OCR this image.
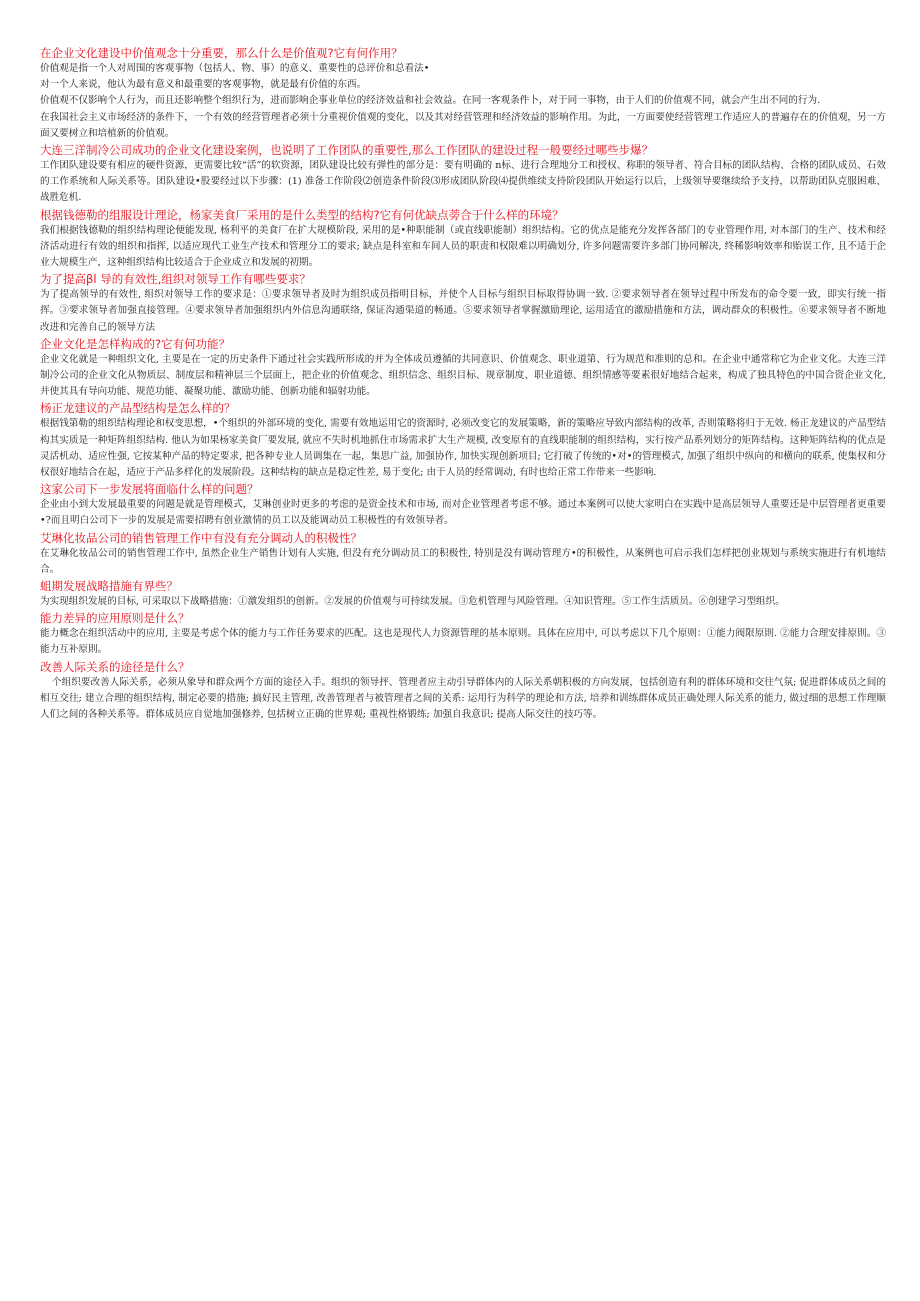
在企业文化建设中价值观念十分重要，那么什么是价值观?它有何作用？

价值观是指一个人对周围的客观事物（包括人、物、事）的意义、重要性的总评价和总看法•

对一个人来说，他认为最有意义和最重要的客观事物，就是最有价值的东西。

价值观不仅影响个人行为，而且还影响整个组织行为，进而影响企事业单位的经济效益和社会效益。在同一客观条件卜，对于同一事物，由于人们的价值观不同，就会产生出不同的行为.

在我国社会主义市场经济的条件下，一个有效的经营管理者必须十分重视价值观的变化，以及其对经营管理和经济效益的影响作用。为此，一方面要使经营管理工作适应人的普遍存在的价值观，另一方面又要树立和培植新的价值观。

大连三洋制冷公司成功的企业文化建设案例，也说明了工作团队的重要性,那么工作团队的建设过程一般要经过哪些步爆？

工作团队建设要有相应的硬件资源，更需要比较“活”的软资源，团队建设比较有弹性的部分是：要有明确的 n标、进行合理地分工和授权、称职的领导者、符合目标的团队结构、合格的团队成员、石效的工作系统和人际关系等。团队建设•股要经过以下步骤：(1) 准备工作阶段⑵创造条件阶段⑶形成团队阶段⑷提供维续支持阶段团队开始运行以后，上级领导要继续给予支持，以帮助团队克服困难、战胜危机.

根据钱德勒的组服设计理论，杨家美食厂采用的是什么类型的结构?它有何优缺点蒡合于什么样的环境？

我们根据钱德勒的组织结构理论便能发现, 杨利平的美食厂在扩大规模阶段, 采用的是•种职能制（或直线职能制）组织结构。它的优点是能充分发挥各部门的专业管理作用, 对本部门的生产、技术和经济活动进行有效的组织和指挥, 以适应现代工业生产技术和管理分工的要求; 缺点是科室和车间人员的职责和权限难以明确划分, 许多问题需要许多部门协同解决, 终稀影响效率和贻误工作, 且不适于企业大规模生产，这种组织结构比较适合于企业成立和发展的初期。

为了提高βl 导的有效性,组织对领导工作有哪些要求？

为了提高领导的有效性, 组织对领导工作的要求是：①要求领导者及时为组织成员指明目标，并使个人目标与组织目标取得协调一致. ②要求领导者在领导过程中所发布的命令要一致，即实行统一指挥。③要求领导者加强直接管理。④要求领导者加强组织内外信息沟通联络, 保证沟通渠道的畅通。⑤要求领导者掌握激励理论, 运用适宜的激励措施和方法，调动群众的积极性。⑥要求领导者不断地改进和完善自己的领导方法

企业文化是怎样构成的?它有何功能？

企业文化就是一种组织文化, 主要是在一定的历史条件下通过社会实践所形成的并为全体成员遵循的共同意识、价值观念、职业道第、行为规范和准则的总和。在企业中通常称它为企业文化。大连三洋制冷公司的企业文化从物质层、制度层和精神层三个层面上，把企业的价值观念、组织信念、组织目标、规章制度、职业道德、组织情感等要素很好地结合起来，构成了独具特色的中国合资企业文化, 并使其具有导向功能、规范功能、凝聚功能、激励功能、创新功能和辐射功能。

杨正龙建议的产品型结构是怎么样的？

根据钱第勒的组织结构理论和权变思想，•个组织的外部环境的变化, 需要有效地运用它的资源时, 必须改变它的发展策略，新的策略应导致内部结构的改革, 否则策略将归于无效. 杨正龙建议的产品型结构其实质是一种矩阵组织结构. 他认为如果杨家美食厂要发展, 就应不失时机地抓住市场需求扩大生产规模, 改变原有的直线职能制的组织结构，实行按产品系列划分的矩阵结构。这种矩阵结构的优点是灵活机动、适应性强, 它按某种产品的特定要求, 把各种专业人员调集在一起，集思广益, 加强协作, 加快实现创新项目; 它打破了传统的•对•的管理模式, 加强了组织中纵向的和横向的联系, 使集权和分权很好地结合在起，适应于产品多样化的发展阶段。这种结构的缺点是稳定性差, 易于变化; 由于人员的经常调动, 有时也给正常工作带来一些影响.

这家公司下一步发展将面临什么样的问题？

企业由小到大发展最重要的问题是就是管理模式，艾琳创业时更多的考虑的是资金技术和市场, 而对企业管理者考虑不够。通过本案例可以使大家明白在实践中是高层领导人重要还是中层管理者更重要•?而且明白公司下一步的发展是需要招聘有创业激情的员工以及能调动员工积极性的有效领导者。

艾琳化妆品公司的销售管理工作中有没有充分调动人的积极性？

在艾琳化妆品公司的销售管理工作中, 虽然企业生产销售计划有人实施, 但没有充分调动员工的积极性, 特别是没有调动管理方•的积极性，从案例也可启示我们怎样把创业规划与系统实施进行有机地结合。

蛆期发展战略措施有界些？

为实现组织发展的目标, 可采取以下战略措施：①激发组织的创新。②发展的价值观与可持续发展。③危机管理与风险管理。④知识管理。⑤工作生活质员。⑥创建学习型组织。

能力差异的应用原则是什么？

能力概念在组织活动中的应用, 主要是考虑个体的能力与工作任务要求的匹配。这也是现代人力资源管理的基本原则。具体在应用中, 可以考虑以下几个原则：①能力阀限原則. ②能力合理安排原則。③能力互补原則。

改善人际关系的途径是什么？

个组织要改善人际关系，必须从象导和群众两个方面的途径入手。组织的领导抨、管理者应主动引导群体内的人际关系朝积极的方向发展，包括创造有利的群体环境和交往气氛; 促进群体成员之间的相互交往; 建立合理的组织结构, 制定必要的措施; 搞好民主管理, 改善管理者与被管理者之间的关系: 运用行为科学的理论和方法, 培养和训练群体成员正确处理人际关系的能力, 做过细的思想工作理顺人们之间的各种关系等。群体成员应自觉地加强修养, 包括树立正确的世界观; 重视性格锻练; 加强自我意识; 提高人际交往的技巧等。
